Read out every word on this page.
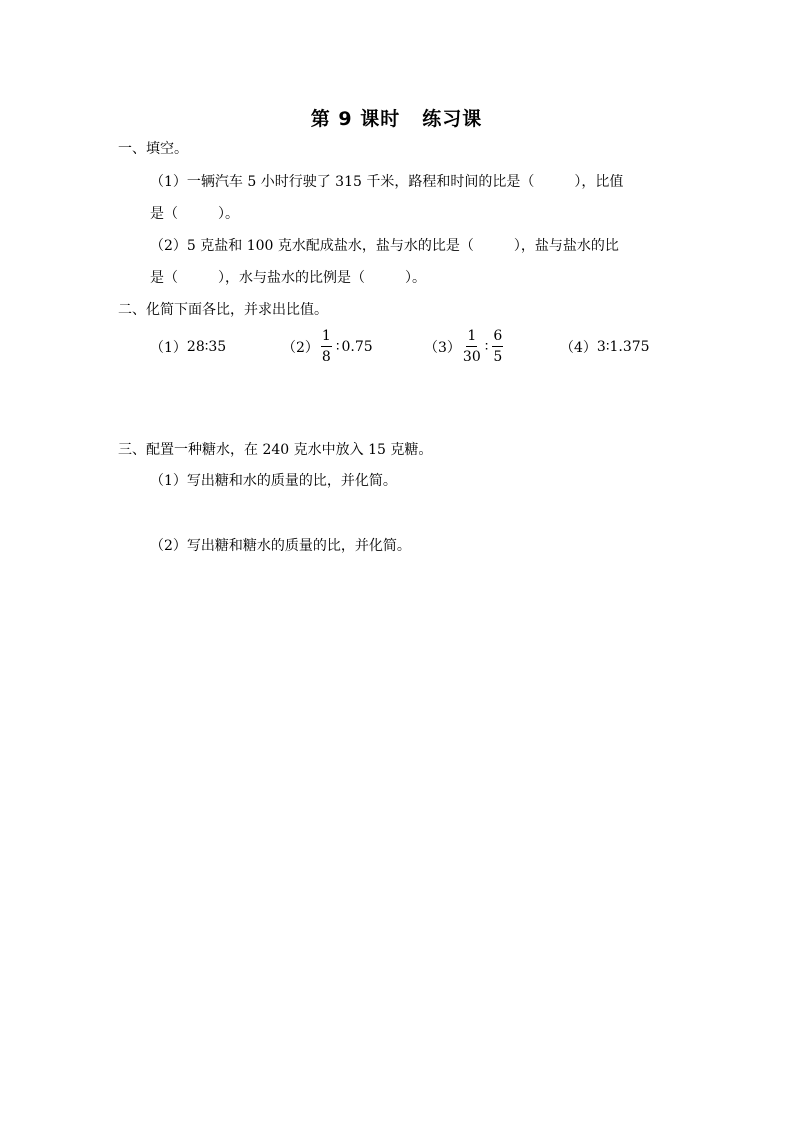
第 9 课时 练习课
一、填空。
（1）一辆汽车 5 小时行驶了 315 千米，路程和时间的比是（	），比值
是（	）。
（2）5 克盐和 100 克水配成盐水，盐与水的比是（	），盐与盐水的比
是（	），水与盐水的比例是（	）。
二、化简下面各比，并求出比值。
（1） 28∶35	$(2) \frac{1}{8}$ ∶ 0.75	$(3) \frac{1}{30}$ ∶ $\frac{6}{5}$	（4） 3∶1.375
三、配置一种糖水，在 240 克水中放入 15 克糖。
（1）写出糖和水的质量的比，并化简。
（2）写出糖和糖水的质量的比，并化简。
